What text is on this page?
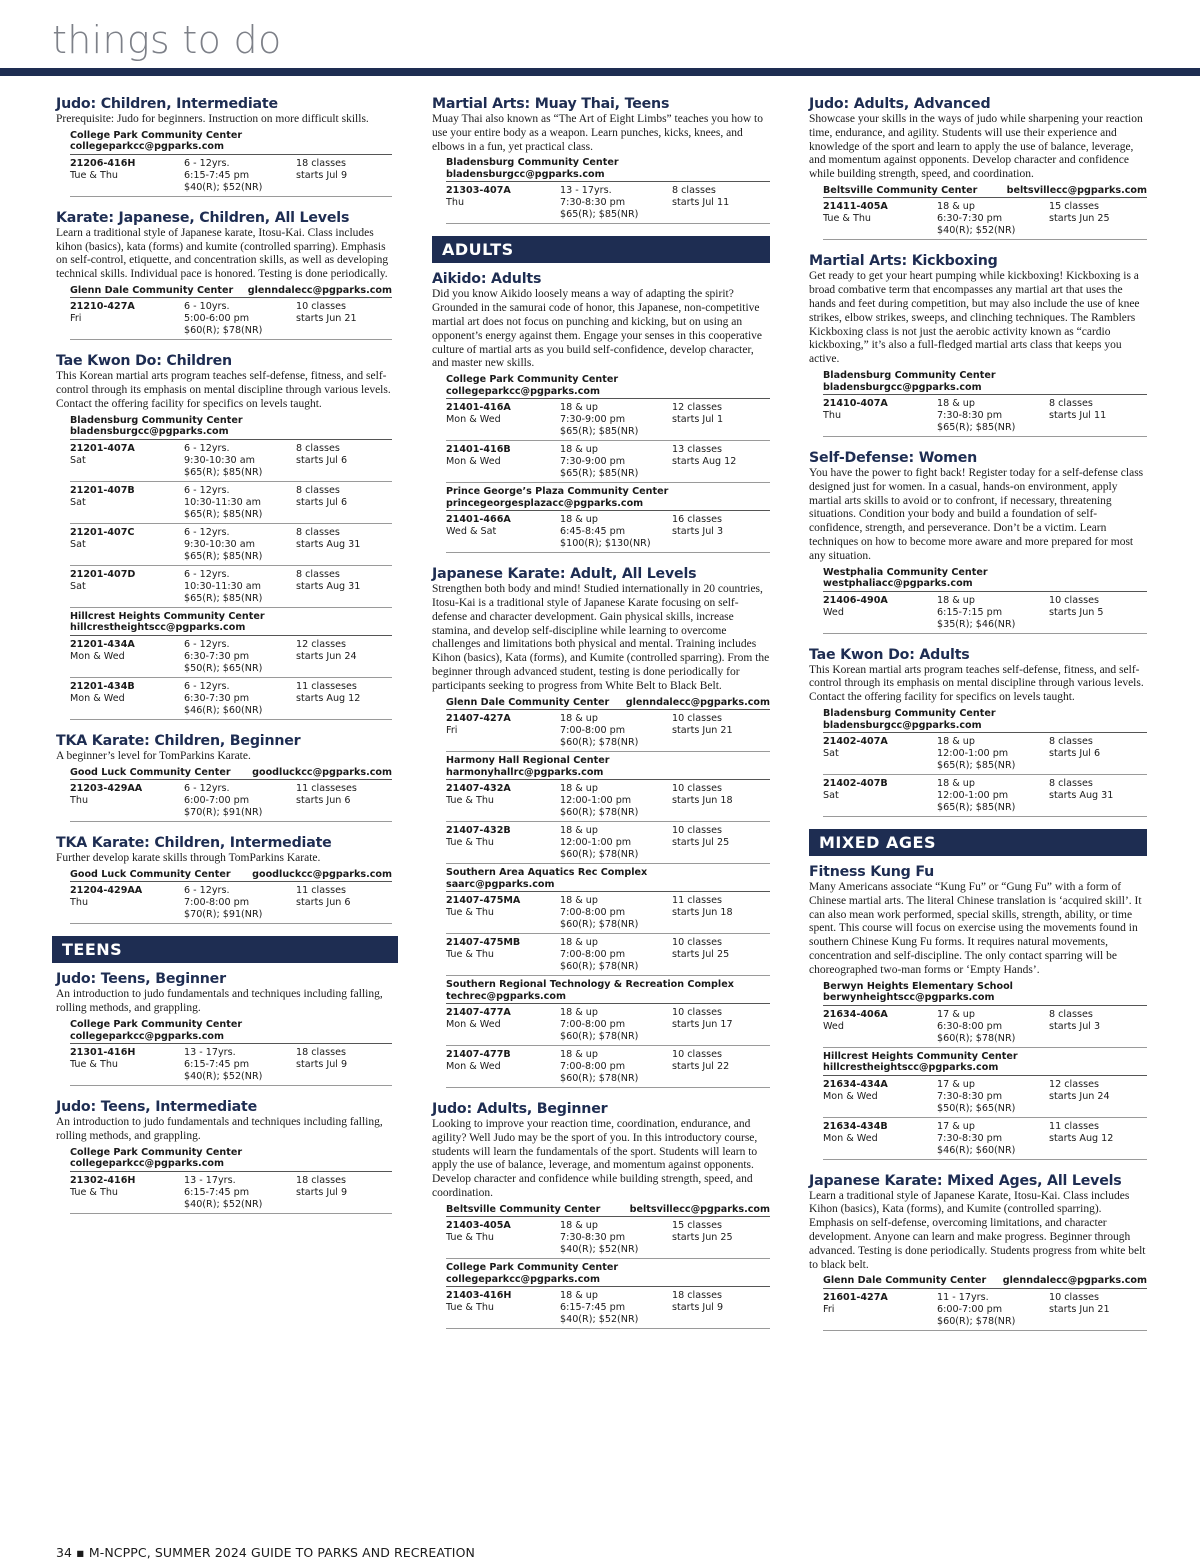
things to do
Judo: Children, Intermediate
Prerequisite: Judo for beginners. Instruction on more difficult skills.
College Park Community Center
collegeparkcc@pgparks.com
21206-416H
Tue & Thu
6 - 12yrs.
6:15-7:45 pm
$40(R); $52(NR)
18 classes
starts Jul 9
Karate: Japanese, Children, All Levels
Learn a traditional style of Japanese karate, Itosu-Kai. Class includes kihon (basics), kata (forms) and kumite (controlled sparring). Emphasis on self-control, etiquette, and concentration skills, as well as developing technical skills. Individual pace is honored. Testing is done periodically.
Glenn Dale Community Center glenndalecc@pgparks.com
21210-427A
Fri
6 - 10yrs.
5:00-6:00 pm
$60(R); $78(NR)
10 classes
starts Jun 21
Tae Kwon Do: Children
This Korean martial arts program teaches self-defense, fitness, and self-control through its emphasis on mental discipline through various levels. Contact the offering facility for specifics on levels taught.
Bladensburg Community Center
bladensburgcc@pgparks.com
21201-407A
Sat
6 - 12yrs.
9:30-10:30 am
$65(R); $85(NR)
8 classes
starts Jul 6
21201-407B
Sat
6 - 12yrs.
10:30-11:30 am
$65(R); $85(NR)
8 classes
starts Jul 6
21201-407C
Sat
6 - 12yrs.
9:30-10:30 am
$65(R); $85(NR)
8 classes
starts Aug 31
21201-407D
Sat
6 - 12yrs.
10:30-11:30 am
$65(R); $85(NR)
8 classes
starts Aug 31
Hillcrest Heights Community Center
hillcrestheightscc@pgparks.com
21201-434A
Mon & Wed
6 - 12yrs.
6:30-7:30 pm
$50(R); $65(NR)
12 classes
starts Jun 24
21201-434B
Mon & Wed
6 - 12yrs.
6:30-7:30 pm
$46(R); $60(NR)
11 classeses
starts Aug 12
TKA Karate: Children, Beginner
A beginner’s level for TomParkins Karate.
Good Luck Community Center goodluckcc@pgparks.com
21203-429AA
Thu
6 - 12yrs.
6:00-7:00 pm
$70(R); $91(NR)
11 classeses
starts Jun 6
TKA Karate: Children, Intermediate
Further develop karate skills through TomParkins Karate.
Good Luck Community Center goodluckcc@pgparks.com
21204-429AA
Thu
6 - 12yrs.
7:00-8:00 pm
$70(R); $91(NR)
11 classes
starts Jun 6
TEENS
Judo: Teens, Beginner
An introduction to judo fundamentals and techniques including falling, rolling methods, and grappling.
College Park Community Center
collegeparkcc@pgparks.com
21301-416H
Tue & Thu
13 - 17yrs.
6:15-7:45 pm
$40(R); $52(NR)
18 classes
starts Jul 9
Judo: Teens, Intermediate
An introduction to judo fundamentals and techniques including falling, rolling methods, and grappling.
College Park Community Center
collegeparkcc@pgparks.com
21302-416H
Tue & Thu
13 - 17yrs.
6:15-7:45 pm
$40(R); $52(NR)
18 classes
starts Jul 9
Martial Arts: Muay Thai, Teens
Muay Thai also known as “The Art of Eight Limbs” teaches you how to use your entire body as a weapon. Learn punches, kicks, knees, and elbows in a fun, yet practical class.
Bladensburg Community Center
bladensburgcc@pgparks.com
21303-407A
Thu
13 - 17yrs.
7:30-8:30 pm
$65(R); $85(NR)
8 classes
starts Jul 11
ADULTS
Aikido: Adults
Did you know Aikido loosely means a way of adapting the spirit? Grounded in the samurai code of honor, this Japanese, non-competitive martial art does not focus on punching and kicking, but on using an opponent’s energy against them. Engage your senses in this cooperative culture of martial arts as you build self-confidence, develop character, and master new skills.
College Park Community Center
collegeparkcc@pgparks.com
21401-416A
Mon & Wed
18 & up
7:30-9:00 pm
$65(R); $85(NR)
12 classes
starts Jul 1
21401-416B
Mon & Wed
18 & up
7:30-9:00 pm
$65(R); $85(NR)
13 classes
starts Aug 12
Prince George’s Plaza Community Center
princegeorgesplazacc@pgparks.com
21401-466A
Wed & Sat
18 & up
6:45-8:45 pm
$100(R); $130(NR)
16 classes
starts Jul 3
Japanese Karate: Adult, All Levels
Strengthen both body and mind! Studied internationally in 20 countries, Itosu-Kai is a traditional style of Japanese Karate focusing on self-defense and character development. Gain physical skills, increase stamina, and develop self-discipline while learning to overcome challenges and limitations both physical and mental. Training includes Kihon (basics), Kata (forms), and Kumite (controlled sparring). From the beginner through advanced student, testing is done periodically for participants seeking to progress from White Belt to Black Belt.
Glenn Dale Community Center glenndalecc@pgparks.com
21407-427A
Fri
18 & up
7:00-8:00 pm
$60(R); $78(NR)
10 classes
starts Jun 21
Harmony Hall Regional Center
harmonyhallrc@pgparks.com
21407-432A
Tue & Thu
18 & up
12:00-1:00 pm
$60(R); $78(NR)
10 classes
starts Jun 18
21407-432B
Tue & Thu
18 & up
12:00-1:00 pm
$60(R); $78(NR)
10 classes
starts Jul 25
Southern Area Aquatics Rec Complex
saarc@pgparks.com
21407-475MA
Tue & Thu
18 & up
7:00-8:00 pm
$60(R); $78(NR)
11 classes
starts Jun 18
21407-475MB
Tue & Thu
18 & up
7:00-8:00 pm
$60(R); $78(NR)
10 classes
starts Jul 25
Southern Regional Technology & Recreation Complex
techrec@pgparks.com
21407-477A
Mon & Wed
18 & up
7:00-8:00 pm
$60(R); $78(NR)
10 classes
starts Jun 17
21407-477B
Mon & Wed
18 & up
7:00-8:00 pm
$60(R); $78(NR)
10 classes
starts Jul 22
Judo: Adults, Beginner
Looking to improve your reaction time, coordination, endurance, and agility? Well Judo may be the sport of you. In this introductory course, students will learn the fundamentals of the sport. Students will learn to apply the use of balance, leverage, and momentum against opponents. Develop character and confidence while building strength, speed, and coordination.
Beltsville Community Center	beltsvillecc@pgparks.com
21403-405A
Tue & Thu
18 & up
7:30-8:30 pm
$40(R); $52(NR)
15 classes
starts Jun 25
College Park Community Center
collegeparkcc@pgparks.com
21403-416H
Tue & Thu
18 & up
6:15-7:45 pm
$40(R); $52(NR)
18 classes
starts Jul 9
Judo: Adults, Advanced
Showcase your skills in the ways of judo while sharpening your reaction time, endurance, and agility. Students will use their experience and knowledge of the sport and learn to apply the use of balance, leverage, and momentum against opponents. Develop character and confidence while building strength, speed, and coordination.
Beltsville Community Center	beltsvillecc@pgparks.com
21411-405A
Tue & Thu
18 & up
6:30-7:30 pm
$40(R); $52(NR)
15 classes
starts Jun 25
Martial Arts: Kickboxing
Get ready to get your heart pumping while kickboxing! Kickboxing is a broad combative term that encompasses any martial art that uses the hands and feet during competition, but may also include the use of knee strikes, elbow strikes, sweeps, and clinching techniques. The Ramblers Kickboxing class is not just the aerobic activity known as “cardio kickboxing,” it’s also a full-fledged martial arts class that keeps you active.
Bladensburg Community Center
bladensburgcc@pgparks.com
21410-407A
Thu
18 & up
7:30-8:30 pm
$65(R); $85(NR)
8 classes
starts Jul 11
Self-Defense: Women
You have the power to fight back! Register today for a self-defense class designed just for women. In a casual, hands-on environment, apply martial arts skills to avoid or to confront, if necessary, threatening situations. Condition your body and build a foundation of self-confidence, strength, and perseverance. Don’t be a victim. Learn techniques on how to become more aware and more prepared for most any situation.
Westphalia Community Center
westphaliacc@pgparks.com
21406-490A
Wed
18 & up
6:15-7:15 pm
$35(R); $46(NR)
10 classes
starts Jun 5
Tae Kwon Do: Adults
This Korean martial arts program teaches self-defense, fitness, and self-control through its emphasis on mental discipline through various levels. Contact the offering facility for specifics on levels taught.
Bladensburg Community Center
bladensburgcc@pgparks.com
21402-407A
Sat
18 & up
12:00-1:00 pm
$65(R); $85(NR)
8 classes
starts Jul 6
21402-407B
Sat
18 & up
12:00-1:00 pm
$65(R); $85(NR)
8 classes
starts Aug 31
MIXED AGES
Fitness Kung Fu
Many Americans associate “Kung Fu” or “Gung Fu” with a form of Chinese martial arts. The literal Chinese translation is ‘acquired skill’. It can also mean work performed, special skills, strength, ability, or time spent. This course will focus on exercise using the movements found in southern Chinese Kung Fu forms. It requires natural movements, concentration and self-discipline. The only contact sparring will be choreographed two-man forms or ‘Empty Hands’.
Berwyn Heights Elementary School
berwynheightscc@pgparks.com
21634-406A
Wed
17 & up
6:30-8:00 pm
$60(R); $78(NR)
8 classes
starts Jul 3
Hillcrest Heights Community Center
hillcrestheightscc@pgparks.com
21634-434A
Mon & Wed
17 & up
7:30-8:30 pm
$50(R); $65(NR)
12 classes
starts Jun 24
21634-434B
Mon & Wed
17 & up
7:30-8:30 pm
$46(R); $60(NR)
11 classes
starts Aug 12
Japanese Karate: Mixed Ages, All Levels
Learn a traditional style of Japanese Karate, Itosu-Kai. Class includes Kihon (basics), Kata (forms), and Kumite (controlled sparring). Emphasis on self-defense, overcoming limitations, and character development. Anyone can learn and make progress. Beginner through advanced. Testing is done periodically. Students progress from white belt to black belt.
Glenn Dale Community Center glenndalecc@pgparks.com
21601-427A
Fri
11 - 17yrs.
6:00-7:00 pm
$60(R); $78(NR)
10 classes
starts Jun 21
34 ▪ M-NCPPC, SUMMER 2024 GUIDE TO PARKS AND RECREATION
